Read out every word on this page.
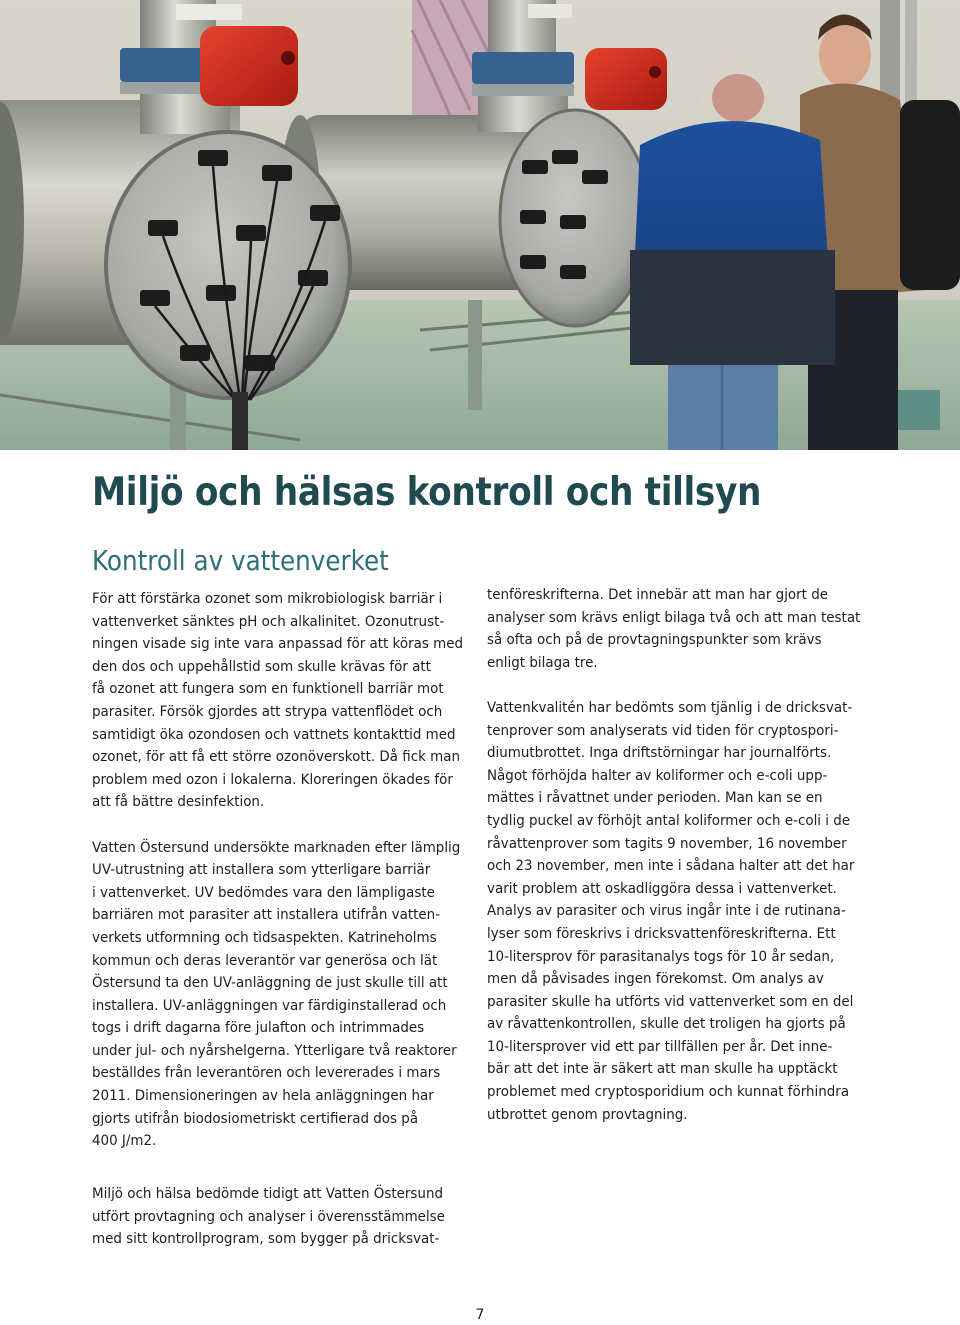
Miljö och hälsas kontroll och tillsyn
Kontroll av vattenverket
För att förstärka ozonet som mikrobiologisk barriär i
vattenverket sänktes pH och alkalinitet. Ozonutrust-
ningen visade sig inte vara anpassad för att köras med
den dos och uppehållstid som skulle krävas för att
få ozonet att fungera som en funktionell barriär mot
parasiter. Försök gjordes att strypa vattenflödet och
samtidigt öka ozondosen och vattnets kontakttid med
ozonet, för att få ett större ozonöverskott. Då fick man
problem med ozon i lokalerna. Kloreringen ökades för
att få bättre desinfektion.
Vatten Östersund undersökte marknaden efter lämplig
UV-utrustning att installera som ytterligare barriär
i vattenverket. UV bedömdes vara den lämpligaste
barriären mot parasiter att installera utifrån vatten-
verkets utformning och tidsaspekten. Katrineholms
kommun och deras leverantör var generösa och lät
Östersund ta den UV-anläggning de just skulle till att
installera. UV-anläggningen var färdiginstallerad och
togs i drift dagarna före julafton och intrimmades
under jul- och nyårshelgerna. Ytterligare två reaktorer
beställdes från leverantören och levererades i mars
2011. Dimensioneringen av hela anläggningen har
gjorts utifrån biodosiometriskt certifierad dos på
400 J/m2.
tenföreskrifterna. Det innebär att man har gjort de
analyser som krävs enligt bilaga två och att man testat
så ofta och på de provtagningspunkter som krävs
enligt bilaga tre.
Vattenkvalitén har bedömts som tjänlig i de dricksvat-
tenprover som analyserats vid tiden för cryptospori-
diumutbrottet. Inga driftstörningar har journalförts.
Något förhöjda halter av koliformer och e-coli upp-
mättes i råvattnet under perioden. Man kan se en
tydlig puckel av förhöjt antal koliformer och e-coli i de
råvattenprover som tagits 9 november, 16 november
och 23 november, men inte i sådana halter att det har
varit problem att oskadliggöra dessa i vattenverket.
Analys av parasiter och virus ingår inte i de rutinana-
lyser som föreskrivs i dricksvattenföreskrifterna. Ett
10-litersprov för parasitanalys togs för 10 år sedan,
men då påvisades ingen förekomst. Om analys av
parasiter skulle ha utförts vid vattenverket som en del
av råvattenkontrollen, skulle det troligen ha gjorts på
10-litersprover vid ett par tillfällen per år. Det inne-
bär att det inte är säkert att man skulle ha upptäckt
problemet med cryptosporidium och kunnat förhindra
utbrottet genom provtagning.
Miljö och hälsa bedömde tidigt att Vatten Östersund
utfört provtagning och analyser i överensstämmelse
med sitt kontrollprogram, som bygger på dricksvat-
7
